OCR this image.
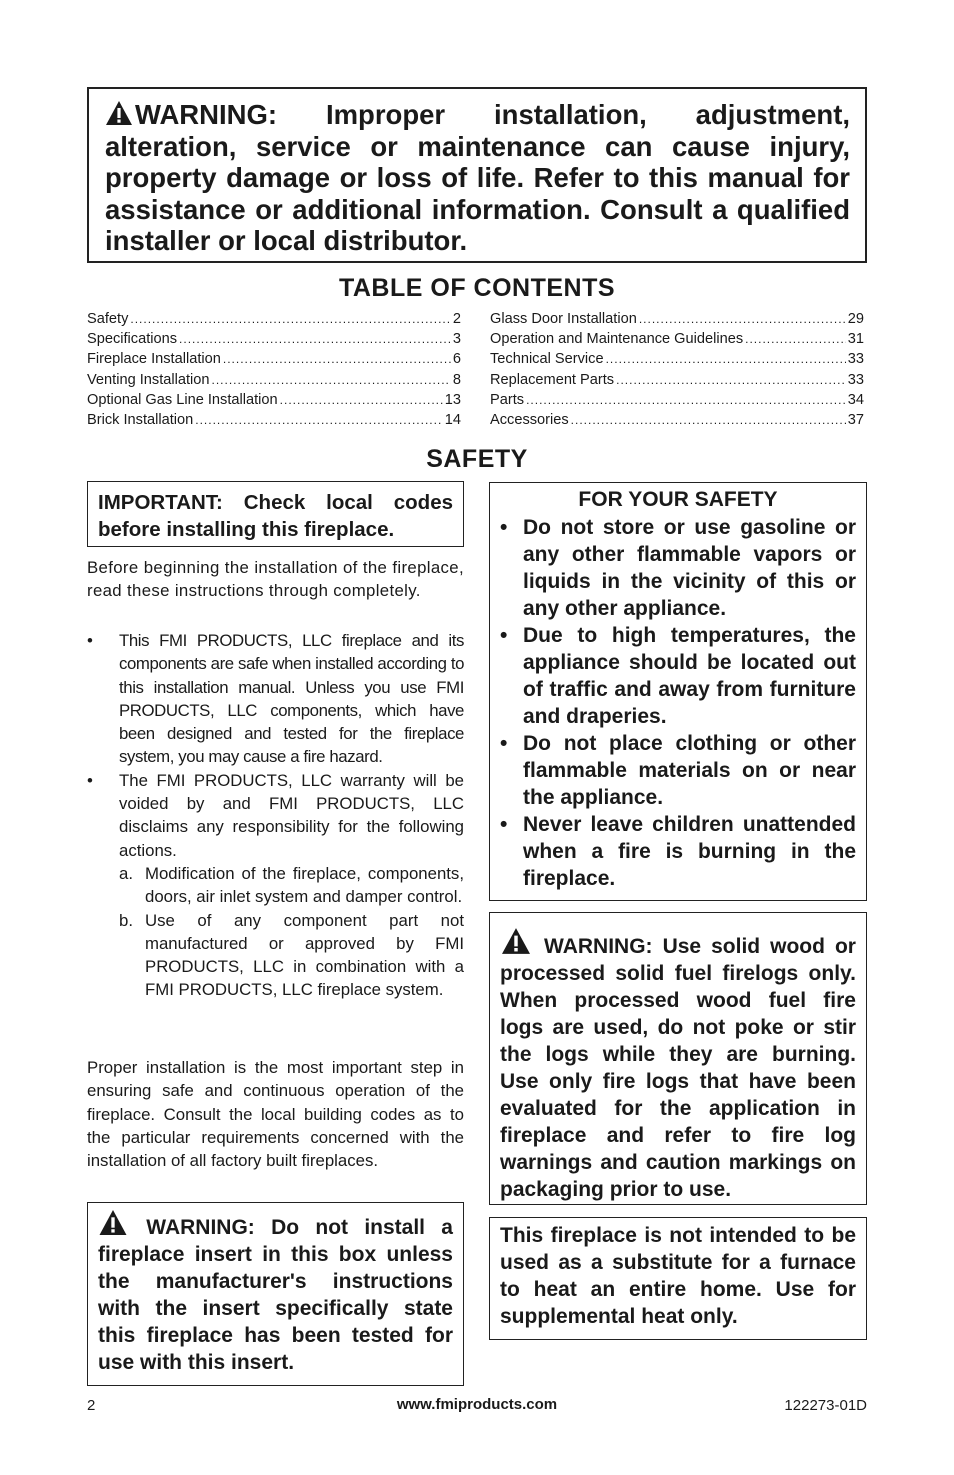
WARNING: Improper installation, adjustment, alteration, service or maintenance can cause injury, property damage or loss of life. Refer to this manual for assistance or additional information. Consult a qualified installer or local distributor.

TABLE OF CONTENTS
Safety .....	2
Specifications .....	3
Fireplace Installation .....	6
Venting Installation .....	8
Optional Gas Line Installation .....	13
Brick Installation .....	14
Glass Door Installation .....	29
Operation and Maintenance Guidelines .....	31
Technical Service .....	33
Replacement Parts .....	33
Parts .....	34
Accessories .....	37
SAFETY

IMPORTANT: Check local codes before installing this fireplace.

Before beginning the installation of the fireplace, read these instructions through completely.

• This FMI PRODUCTS, LLC fireplace and its components are safe when installed according to this installation manual. Unless you use FMI PRODUCTS, LLC components, which have been designed and tested for the fireplace system, you may cause a fire hazard.
• The FMI PRODUCTS, LLC warranty will be voided by and FMI PRODUCTS, LLC disclaims any responsibility for the following actions.
a. Modification of the fireplace, components, doors, air inlet system and damper control.
b. Use of any component part not manufactured or approved by FMI PRODUCTS, LLC in combination with a FMI PRODUCTS, LLC fireplace system.

Proper installation is the most important step in ensuring safe and continuous operation of the fireplace. Consult the local building codes as to the particular requirements concerned with the installation of all factory built fireplaces.

WARNING: Do not install a fireplace insert in this box unless the manufacturer's instructions with the insert specifically state this fireplace has been tested for use with this insert.

FOR YOUR SAFETY
• Do not store or use gasoline or any other flammable vapors or liquids in the vicinity of this or any other appliance.
• Due to high temperatures, the appliance should be located out of traffic and away from furniture and draperies.
• Do not place clothing or other flammable materials on or near the appliance.
• Never leave children unattended when a fire is burning in the fireplace.

WARNING: Use solid wood or processed solid fuel firelogs only. When processed wood fuel fire logs are used, do not poke or stir the logs while they are burning. Use only fire logs that have been evaluated for the application in fireplace and refer to fire log warnings and caution markings on packaging prior to use.

This fireplace is not intended to be used as a substitute for a furnace to heat an entire home. Use for supplemental heat only.

2	www.fmiproducts.com	122273-01D
